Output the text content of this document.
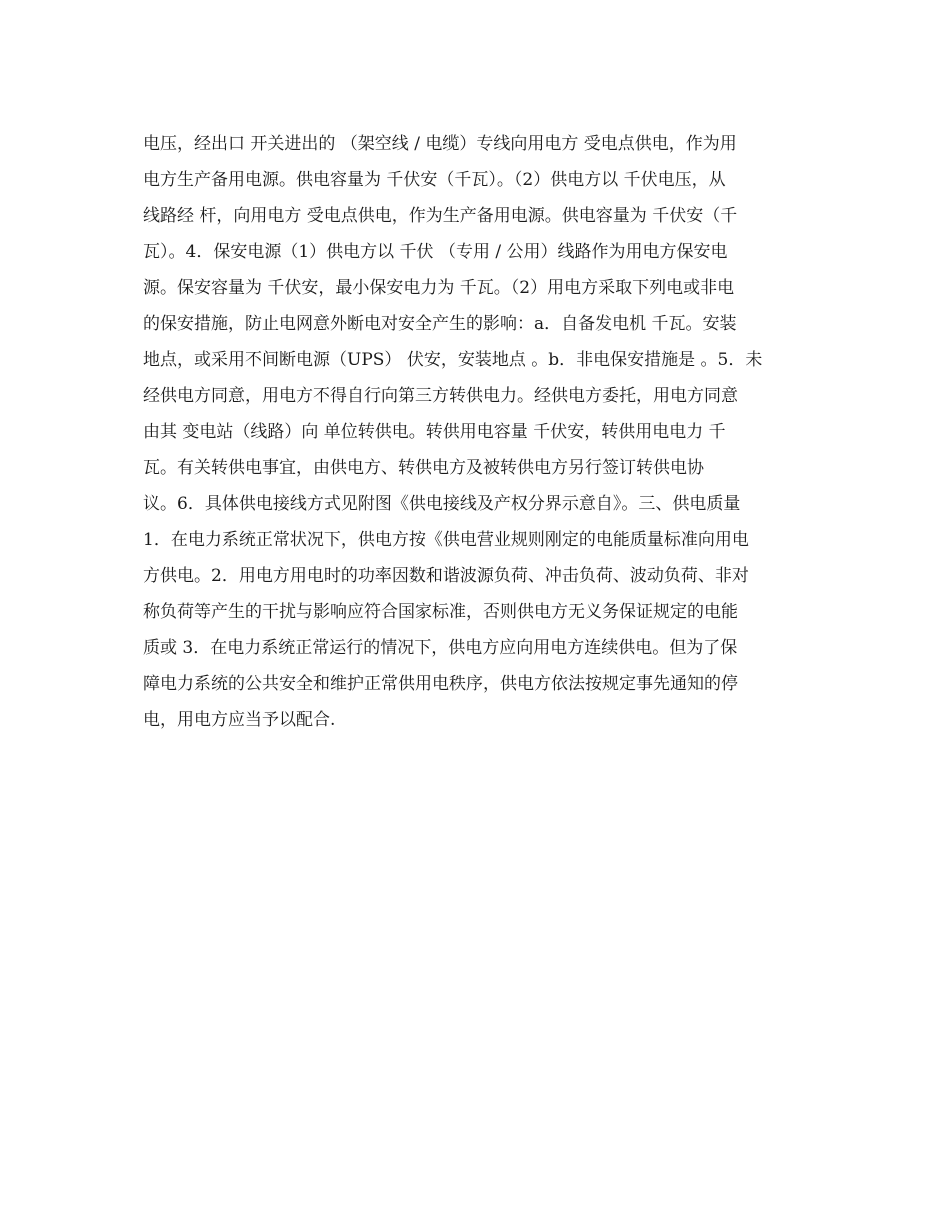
电压，经出口 开关进出的 （架空线 / 电缆）专线向用电方 受电点供电，作为用
电方生产备用电源。供电容量为 千伏安（千瓦）。（2）供电方以 千伏电压，从
线路经 杆，向用电方 受电点供电，作为生产备用电源。供电容量为 千伏安（千
瓦）。4．保安电源（1）供电方以 千伏 （专用 / 公用）线路作为用电方保安电
源。保安容量为 千伏安，最小保安电力为 千瓦。（2）用电方采取下列电或非电
的保安措施，防止电网意外断电对安全产生的影响：a．自备发电机 千瓦。安装
地点，或采用不间断电源（UPS） 伏安，安装地点 。b．非电保安措施是 。5．未
经供电方同意，用电方不得自行向第三方转供电力。经供电方委托，用电方同意
由其 变电站（线路）向 单位转供电。转供用电容量 千伏安，转供用电电力 千
瓦。有关转供电事宜，由供电方、转供电方及被转供电方另行签订转供电协
议。6．具体供电接线方式见附图《供电接线及产权分界示意自》。三、供电质量
1．在电力系统正常状况下，供电方按《供电营业规则刚定的电能质量标准向用电
方供电。2．用电方用电时的功率因数和谐波源负荷、冲击负荷、波动负荷、非对
称负荷等产生的干扰与影响应符合国家标准，否则供电方无义务保证规定的电能
质或 3．在电力系统正常运行的情况下，供电方应向用电方连续供电。但为了保
障电力系统的公共安全和维护正常供用电秩序，供电方依法按规定事先通知的停
电，用电方应当予以配合.
